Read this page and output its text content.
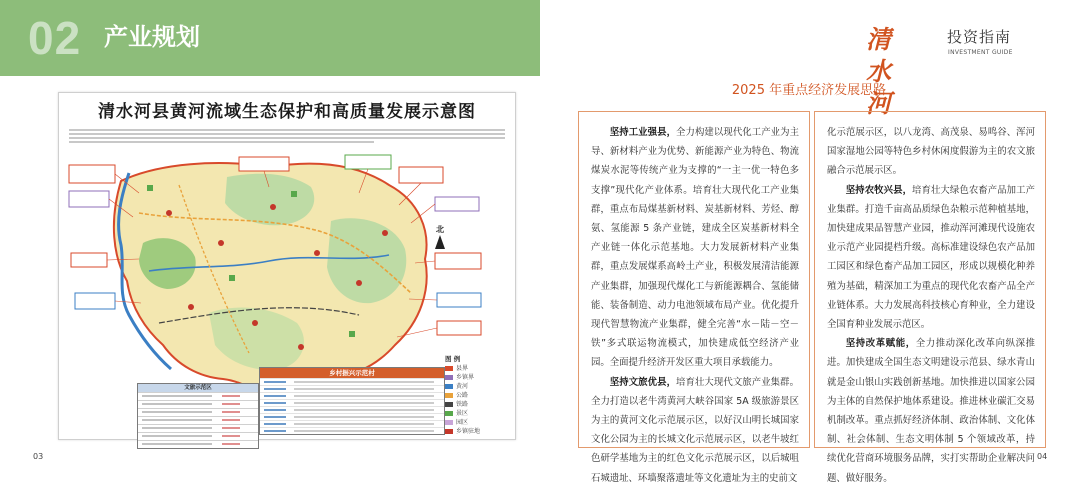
02 产业规划	清水河
投资指南
INVESTMENT GUIDE
清水河县黄河流域生态保护和高质量发展示意图
北
图 例
县界
乡镇界
黄河
公路
铁路
景区
园区
乡镇驻地
文旅示范区
乡村振兴示范村
2025 年重点经济发展思路

坚持工业强县，全力构建以现代化工产业为主导、新材料产业为优势、新能源产业为特色、物流煤炭水泥等传统产业为支撑的“一主一优一特色多支撑”现代化产业体系。培育壮大现代化工产业集群，重点布局煤基新材料、炭基新材料、芳烃、醇氨、氢能源 5 条产业链，建成全区炭基新材料全产业链一体化示范基地。大力发展新材料产业集群，重点发展煤系高岭土产业，积极发展清洁能源产业集群，加强现代煤化工与新能源耦合、氢能储能、装备制造、动力电池领域布局产业。优化提升现代智慧物流产业集群，健全完善“水－陆－空－铁”多式联运物流模式，加快建成低空经济产业园。全面提升经济开发区重大项目承载能力。

坚持文旅优县，培育壮大现代文旅产业集群。全力打造以老牛湾黄河大峡谷国家 5A 级旅游景区为主的黄河文化示范展示区，以好汉山明长城国家文化公园为主的长城文化示范展示区，以老牛坡红色研学基地为主的红色文化示范展示区，以后城咀石城遗址、环墙聚落遗址等文化遗址为主的史前文

化示范展示区，以八龙湾、高茂泉、易鸣谷、浑河国家湿地公园等特色乡村休闲度假游为主的农文旅融合示范展示区。

坚持农牧兴县，培育壮大绿色农畜产品加工产业集群。打造千亩高品质绿色杂粮示范种植基地，加快建成果品智慧产业园，推动浑河滩现代设施农业示范产业园提档升级。高标准建设绿色农产品加工园区和绿色畜产品加工园区，形成以规模化种养殖为基础，精深加工为重点的现代化农畜产品全产业链体系。大力发展高科技核心育种业，全力建设全国育种业发展示范区。

坚持改革赋能，全力推动深化改革向纵深推进。加快建成全国生态文明建设示范县、绿水青山就是金山银山实践创新基地。加快推进以国家公园为主体的自然保护地体系建设。推进林业碳汇交易机制改革。重点抓好经济体制、政治体制、文化体制、社会体制、生态文明体制 5 个领域改革，持续优化营商环境服务品牌，实打实帮助企业解决问题、做好服务。

03	04
